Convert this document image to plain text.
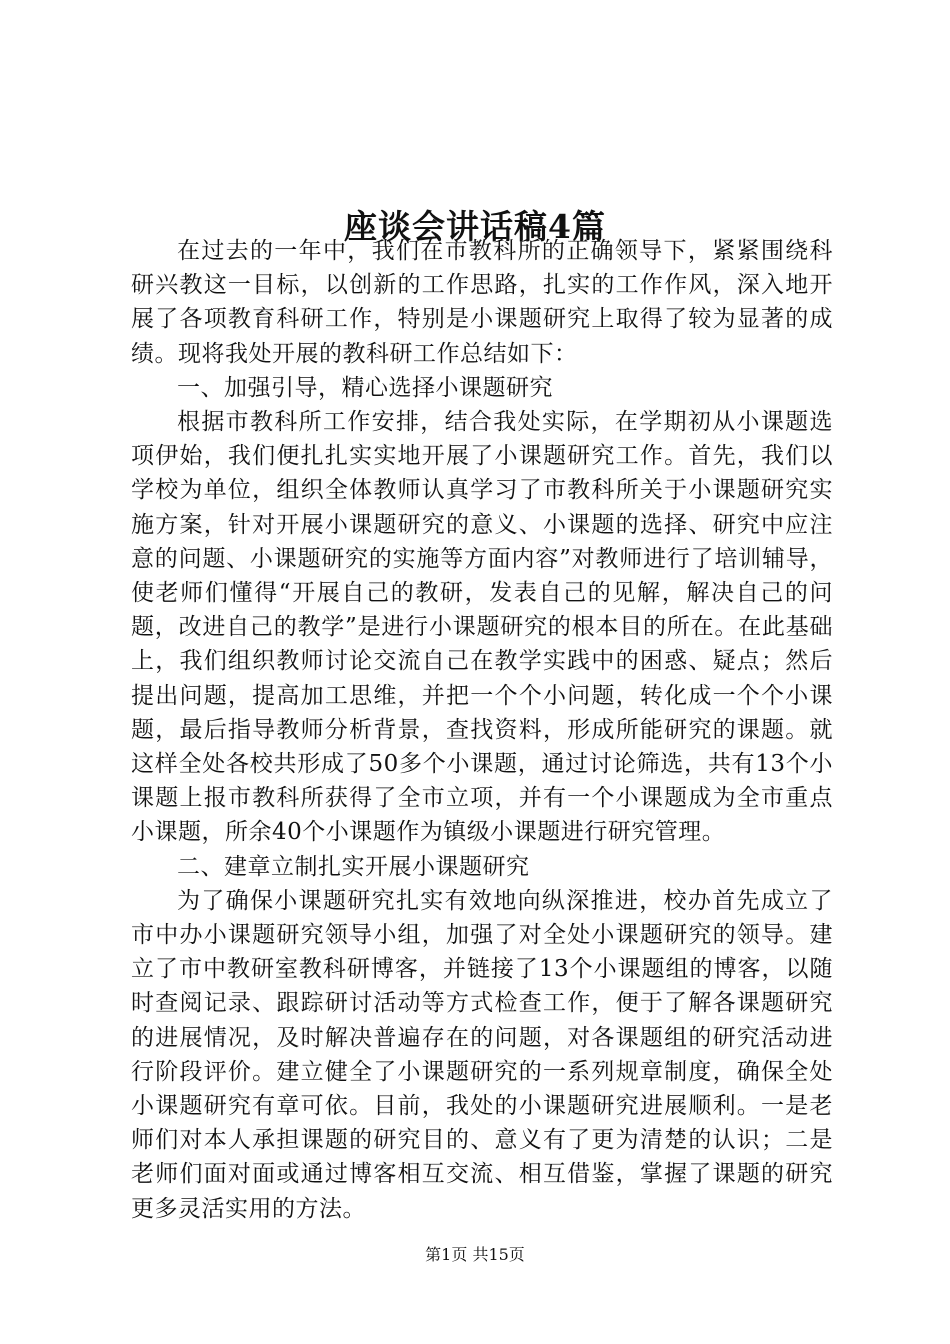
座谈会讲话稿4篇

在过去的一年中，我们在市教科所的正确领导下，紧紧围绕科研兴教这一目标，以创新的工作思路，扎实的工作作风，深入地开展了各项教育科研工作，特别是小课题研究上取得了较为显著的成绩。现将我处开展的教科研工作总结如下：

一、加强引导，精心选择小课题研究

根据市教科所工作安排，结合我处实际，在学期初从小课题选项伊始，我们便扎扎实实地开展了小课题研究工作。首先，我们以学校为单位，组织全体教师认真学习了市教科所关于小课题研究实施方案，针对开展小课题研究的意义、小课题的选择、研究中应注意的问题、小课题研究的实施等方面内容”对教师进行了培训辅导，使老师们懂得“开展自己的教研，发表自己的见解，解决自己的问题，改进自己的教学”是进行小课题研究的根本目的所在。在此基础上，我们组织教师讨论交流自己在教学实践中的困惑、疑点；然后提出问题，提高加工思维，并把一个个小问题，转化成一个个小课题，最后指导教师分析背景，查找资料，形成所能研究的课题。就这样全处各校共形成了50多个小课题，通过讨论筛选，共有13个小课题上报市教科所获得了全市立项，并有一个小课题成为全市重点小课题，所余40个小课题作为镇级小课题进行研究管理。

二、建章立制扎实开展小课题研究

为了确保小课题研究扎实有效地向纵深推进，校办首先成立了市中办小课题研究领导小组，加强了对全处小课题研究的领导。建立了市中教研室教科研博客，并链接了13个小课题组的博客，以随时查阅记录、跟踪研讨活动等方式检查工作，便于了解各课题研究的进展情况，及时解决普遍存在的问题，对各课题组的研究活动进行阶段评价。建立健全了小课题研究的一系列规章制度，确保全处小课题研究有章可依。目前，我处的小课题研究进展顺利。一是老师们对本人承担课题的研究目的、意义有了更为清楚的认识；二是老师们面对面或通过博客相互交流、相互借鉴，掌握了课题的研究更多灵活实用的方法。

第1页 共15页
